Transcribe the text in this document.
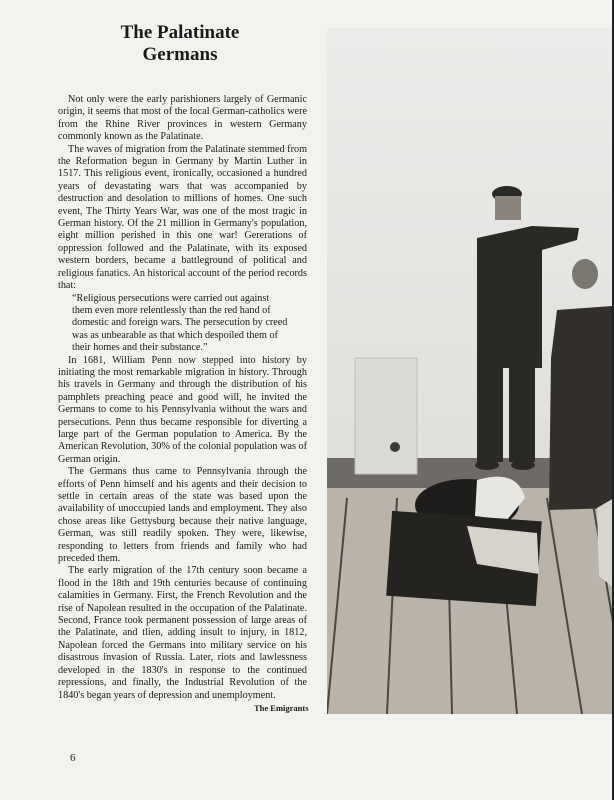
The Palatinate
Germans

Not only were the early parishioners largely of Germanic origin, it seems that most of the local German-catholics were from the Rhine River provinces in western Germany commonly known as the Palatinate.

The waves of migration from the Palatinate stemmed from the Reformation begun in Germany by Martin Luther in 1517. This religious event, ironically, occasioned a hundred years of devastating wars that was accompanied by destruction and desolation to millions of homes. One such event, The Thirty Years War, was one of the most tragic in German history. Of the 21 million in Germany's population, eight million perished in this one war! Gererations of oppression followed and the Palatinate, with its exposed western borders, became a battleground of political and religious fanatics. An historical account of the period records that:

“Religious persecutions were carried out against them even more relentlessly than the red hand of domestic and foreign wars. The persecution by creed was as unbearable as that which despoiled them of their homes and their substance.”

In 1681, William Penn now stepped into history by initiating the most remarkable migration in history. Through his travels in Germany and through the distribution of his pamphlets preaching peace and good will, he invited the Germans to come to his Pennsylvania without the wars and persecutions. Penn thus became responsible for diverting a large part of the German population to America. By the American Revolution, 30% of the colonial population was of German origin.

The Germans thus came to Pennsylvania through the efforts of Penn himself and his agents and their decision to settle in certain areas of the state was based upon the availability of unoccupied lands and employment. They also chose areas like Gettysburg because their native language, German, was still readily spoken. They were, likewise, responding to letters from friends and family who had preceded them.

The early migration of the 17th century soon became a flood in the 18th and 19th centuries because of continuing calamities in Germany. First, the French Revolution and the rise of Napolean resulted in the occupation of the Palatinate. Second, France took permanent possession of large areas of the Palatinate, and tlien, adding insult to injury, in 1812, Napolean forced the Germans into military service on his disastrous invasion of Russia. Later, riots and lawlessness developed in the 1830's in response to the continued repressions, and finally, the Industrial Revolution of the 1840's began years of depression and unemployment.

The Emigrants
6
